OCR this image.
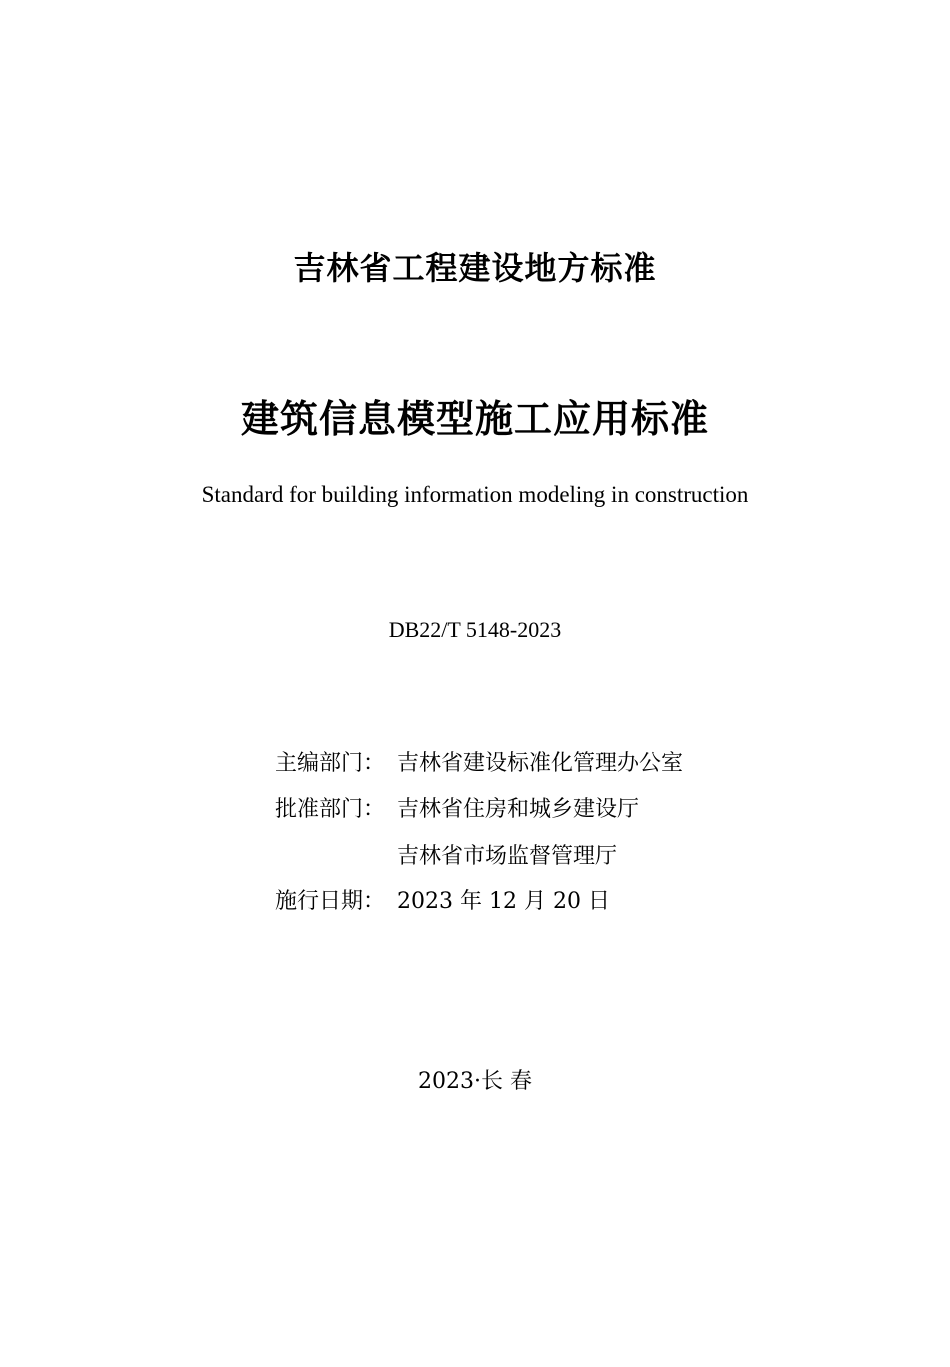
吉林省工程建设地方标准
建筑信息模型施工应用标准
Standard for building information modeling in construction
DB22/T 5148-2023
主编部门： 吉林省建设标准化管理办公室
批准部门： 吉林省住房和城乡建设厅
吉林省市场监督管理厅
施行日期： 2023 年 12 月 20 日
2023·长 春
